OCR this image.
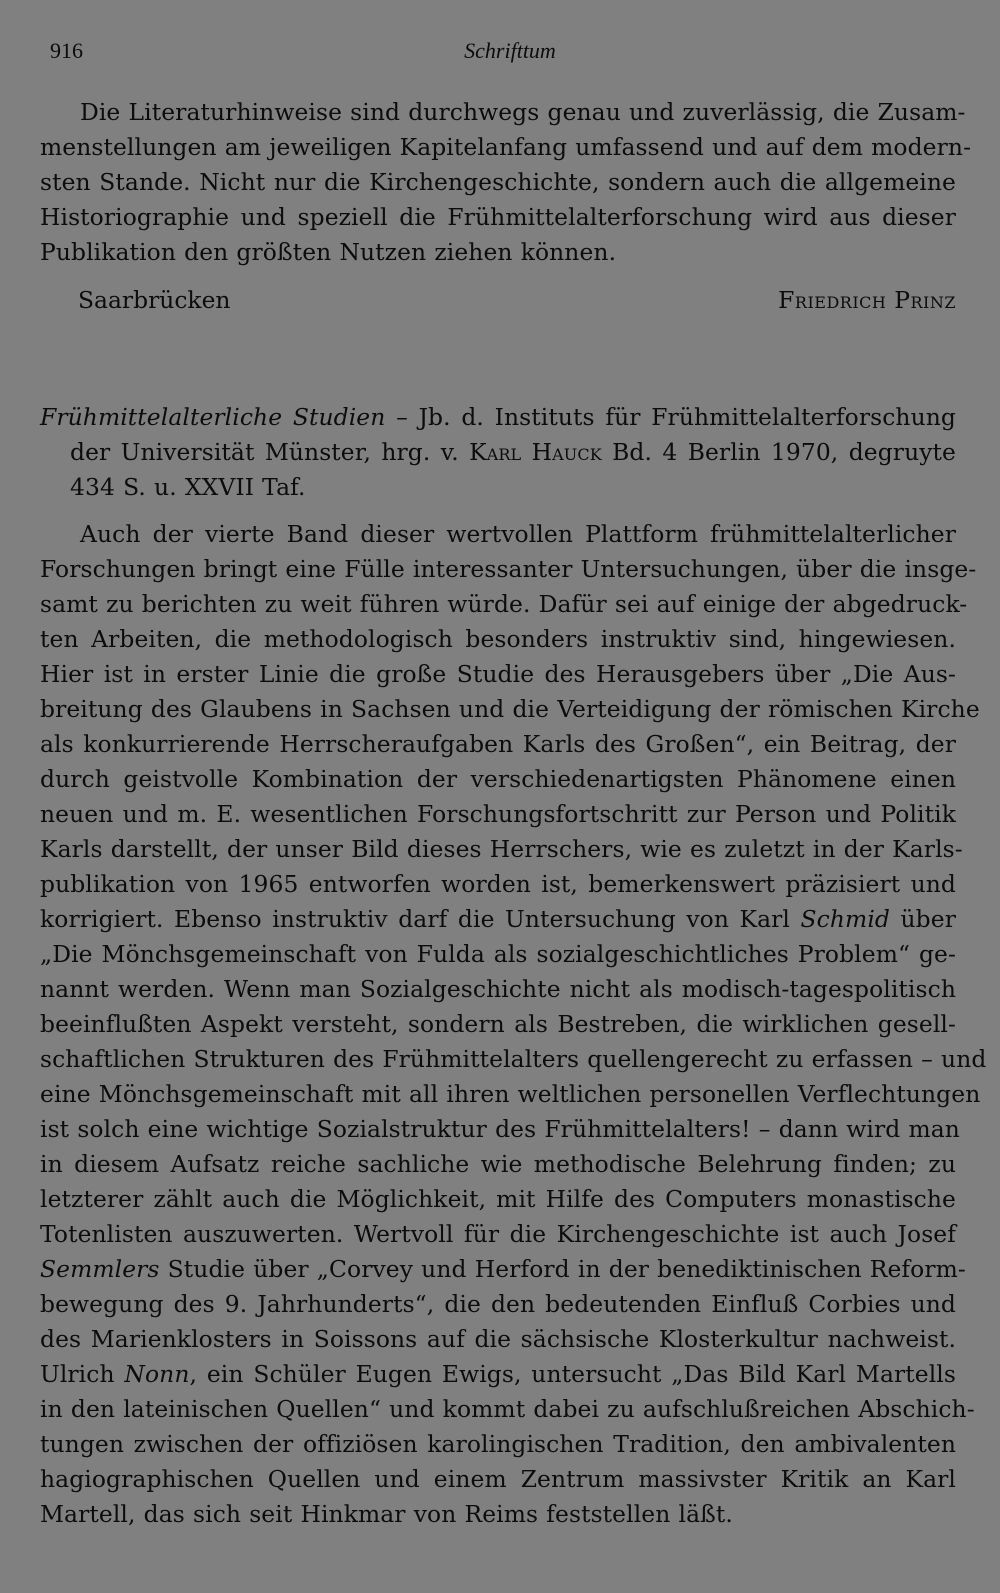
916	Schrifttum
Die Literaturhinweise sind durchwegs genau und zuverlässig, die Zusam-
menstellungen am jeweiligen Kapitelanfang umfassend und auf dem modern-
sten Stande. Nicht nur die Kirchengeschichte, sondern auch die allgemeine
Historiographie und speziell die Frühmittelalterforschung wird aus dieser
Publikation den größten Nutzen ziehen können.
Saarbrücken	Friedrich Prinz
Frühmittelalterliche Studien – Jb. d. Instituts für Frühmittelalterforschung
der Universität Münster, hrg. v. Karl Hauck Bd. 4 Berlin 1970, degruyte
434 S. u. XXVII Taf.
Auch der vierte Band dieser wertvollen Plattform frühmittelalterlicher
Forschungen bringt eine Fülle interessanter Untersuchungen, über die insge-
samt zu berichten zu weit führen würde. Dafür sei auf einige der abgedruck-
ten Arbeiten, die methodologisch besonders instruktiv sind, hingewiesen.
Hier ist in erster Linie die große Studie des Herausgebers über „Die Aus-
breitung des Glaubens in Sachsen und die Verteidigung der römischen Kirche
als konkurrierende Herrscheraufgaben Karls des Großen“, ein Beitrag, der
durch geistvolle Kombination der verschiedenartigsten Phänomene einen
neuen und m. E. wesentlichen Forschungsfortschritt zur Person und Politik
Karls darstellt, der unser Bild dieses Herrschers, wie es zuletzt in der Karls-
publikation von 1965 entworfen worden ist, bemerkenswert präzisiert und
korrigiert. Ebenso instruktiv darf die Untersuchung von Karl Schmid über
„Die Mönchsgemeinschaft von Fulda als sozialgeschichtliches Problem“ ge-
nannt werden. Wenn man Sozialgeschichte nicht als modisch-tagespolitisch
beeinflußten Aspekt versteht, sondern als Bestreben, die wirklichen gesell-
schaftlichen Strukturen des Frühmittelalters quellengerecht zu erfassen – und
eine Mönchsgemeinschaft mit all ihren weltlichen personellen Verflechtungen
ist solch eine wichtige Sozialstruktur des Frühmittelalters! – dann wird man
in diesem Aufsatz reiche sachliche wie methodische Belehrung finden; zu
letzterer zählt auch die Möglichkeit, mit Hilfe des Computers monastische
Totenlisten auszuwerten. Wertvoll für die Kirchengeschichte ist auch Josef
Semmlers Studie über „Corvey und Herford in der benediktinischen Reform-
bewegung des 9. Jahrhunderts“, die den bedeutenden Einfluß Corbies und
des Marienklosters in Soissons auf die sächsische Klosterkultur nachweist.
Ulrich Nonn, ein Schüler Eugen Ewigs, untersucht „Das Bild Karl Martells
in den lateinischen Quellen“ und kommt dabei zu aufschlußreichen Abschich-
tungen zwischen der offiziösen karolingischen Tradition, den ambivalenten
hagiographischen Quellen und einem Zentrum massivster Kritik an Karl
Martell, das sich seit Hinkmar von Reims feststellen läßt.
